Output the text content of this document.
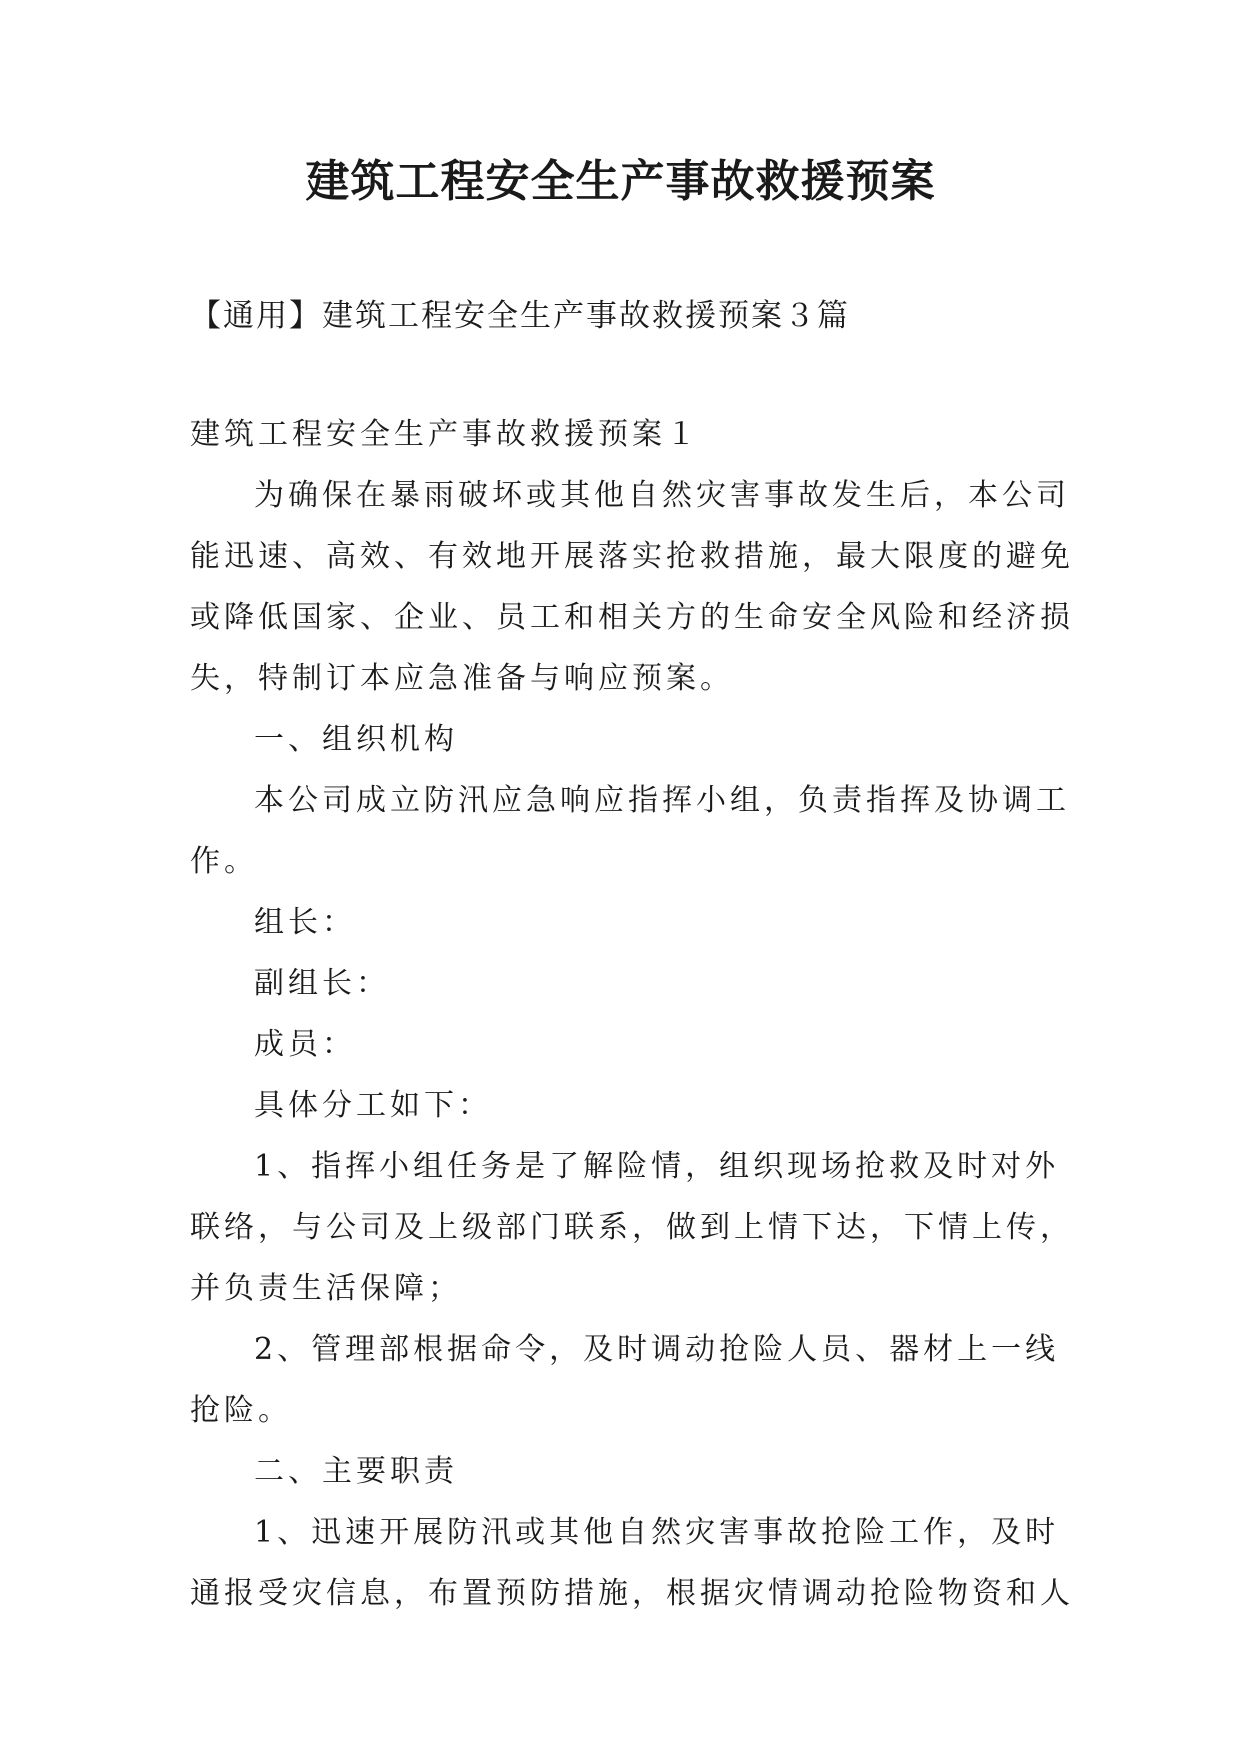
建筑工程安全生产事故救援预案
【通用】建筑工程安全生产事故救援预案３篇
建筑工程安全生产事故救援预案１
为确保在暴雨破坏或其他自然灾害事故发生后，本公司
能迅速、高效、有效地开展落实抢救措施，最大限度的避免
或降低国家、企业、员工和相关方的生命安全风险和经济损
失，特制订本应急准备与响应预案。
一、组织机构
本公司成立防汛应急响应指挥小组，负责指挥及协调工
作。
组长：
副组长：
成员：
具体分工如下：
1、指挥小组任务是了解险情，组织现场抢救及时对外
联络，与公司及上级部门联系，做到上情下达，下情上传，
并负责生活保障；
2、管理部根据命令，及时调动抢险人员、器材上一线
抢险。
二、主要职责
1、迅速开展防汛或其他自然灾害事故抢险工作，及时
通报受灾信息，布置预防措施，根据灾情调动抢险物资和人
